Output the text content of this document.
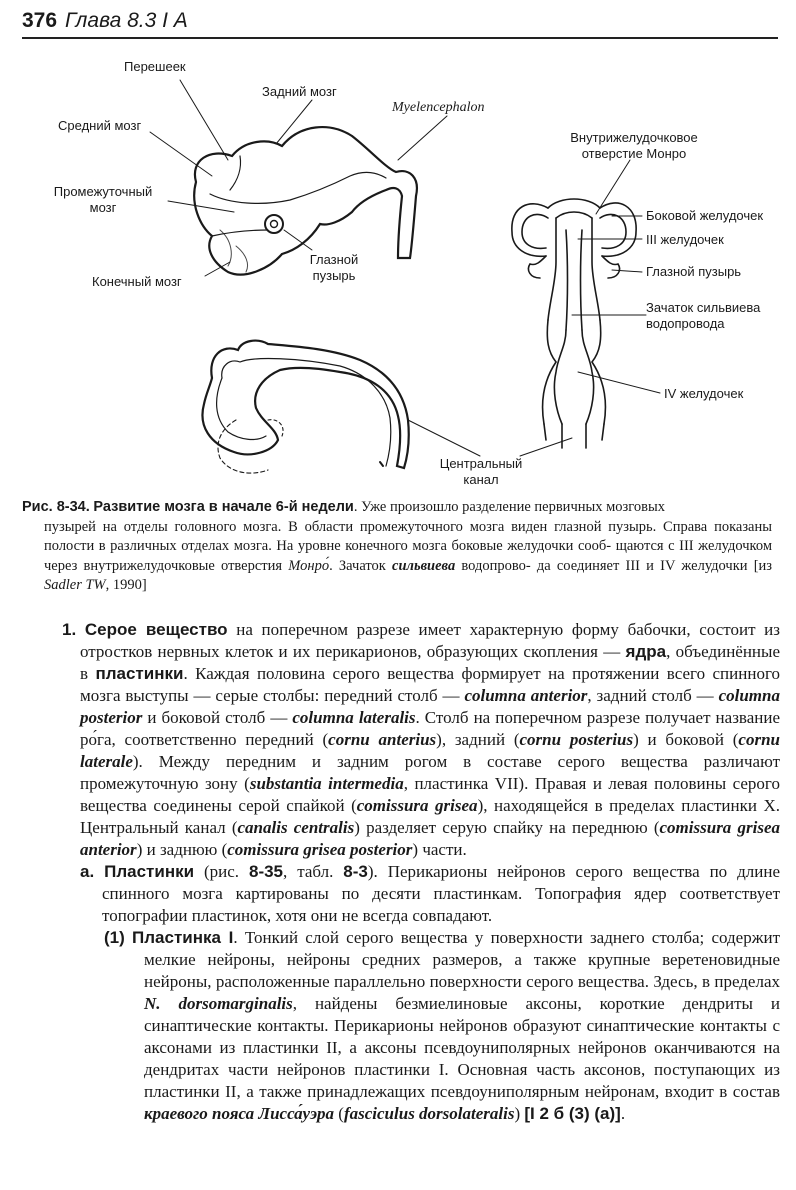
376 Глава 8.3 I А
Перешеек
Задний мозг
Myelencephalon
Средний мозг
Промежуточный
мозг
Глазной
пузырь
Конечный мозг
Внутрижелудочковое
отверстие Монро
Боковой желудочек
III желудочек
Глазной пузырь
Зачаток сильвиева
водопровода
IV желудочек
Центральный
канал
Рис. 8-34. Развитие мозга в начале 6-й недели. Уже произошло разделение первичных мозговых
пузырей на отделы головного мозга. В области промежуточного мозга виден глазной пузырь. Справа показаны полости в различных отделах мозга. На уровне конечного мозга боковые желудочки сооб- щаются с III желудочком через внутрижелудочковые отверстия Монро́. Зачаток сильвиева водопрово- да соединяет III и IV желудочки [из Sadler TW, 1990]

1. Серое вещество на поперечном разрезе имеет характерную форму бабочки, состоит из отростков нервных клеток и их перикарионов, образующих скопления — ядра, объединённые в пластинки. Каждая половина серого вещества формирует на протяжении всего спинного мозга выступы — серые столбы: передний столб — columna anterior, задний столб — columna posterior и боковой столб — columna lateralis. Столб на поперечном разрезе получает название ро́га, соответственно передний (cornu anterius), задний (cornu posterius) и боковой (cornu laterale). Между передним и задним рогом в составе серого вещества различают промежуточную зону (substantia intermedia, пластинка VII). Правая и левая половины серого вещества соединены серой спайкой (comissura grisea), находящейся в пределах пластинки X. Центральный канал (canalis centralis) разделяет серую спайку на переднюю (comissura grisea anterior) и заднюю (comissura grisea posterior) части.

а. Пластинки (рис. 8-35, табл. 8-3). Перикарионы нейронов серого вещества по длине спинного мозга картированы по десяти пластинкам. Топография ядер соответствует топографии пластинок, хотя они не всегда совпадают.

(1) Пластинка I. Тонкий слой серого вещества у поверхности заднего столба; содержит мелкие нейроны, нейроны средних размеров, а также крупные веретеновидные нейроны, расположенные параллельно поверхности серого вещества. Здесь, в пределах N. dorsomarginalis, найдены безмиелиновые аксоны, короткие дендриты и синаптические контакты. Перикарионы нейронов образуют синаптические контакты с аксонами из пластинки II, а аксоны псевдоуниполярных нейронов оканчиваются на дендритах части нейронов пластинки I. Основная часть аксонов, поступающих из пластинки II, а также принадлежащих псевдоуниполярным нейронам, входит в состав краевого пояса Лисса́уэра (fasciculus dorsolateralis) [I 2 б (3) (а)].
